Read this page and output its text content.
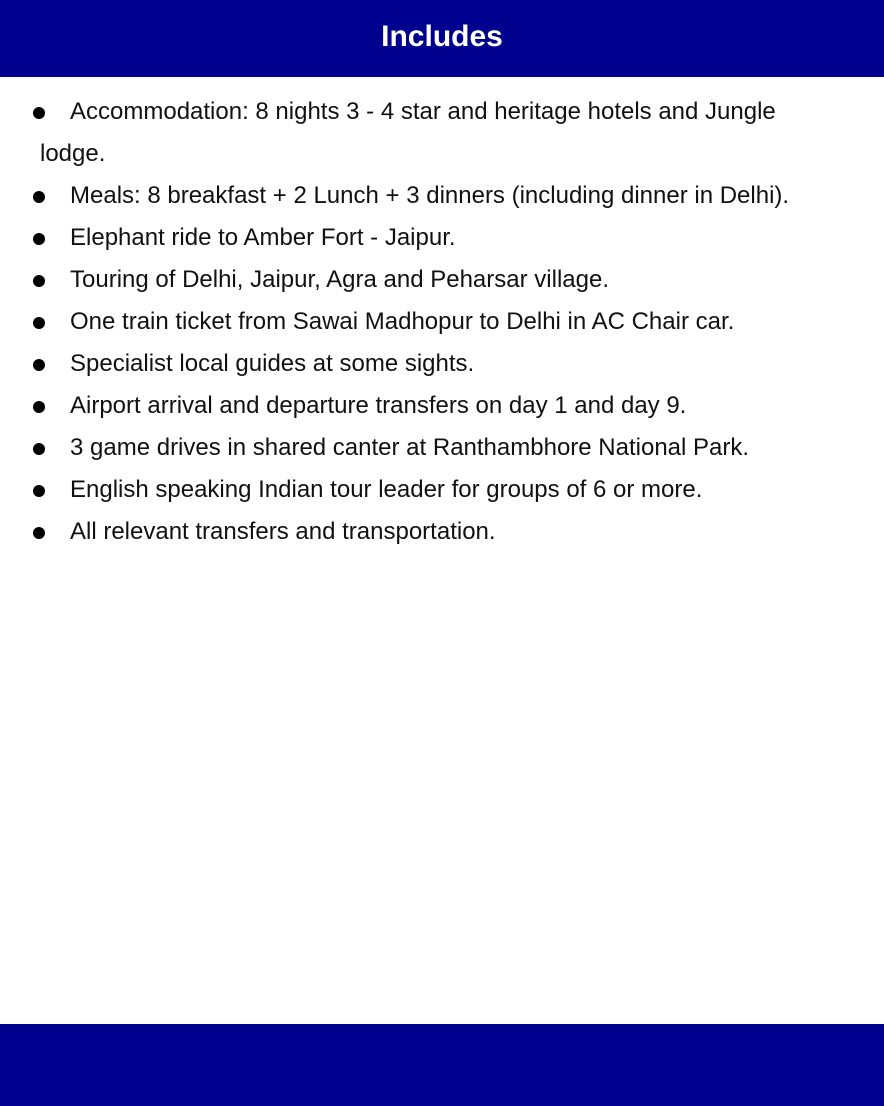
Includes
Accommodation: 8 nights 3 - 4 star and heritage hotels and Jungle
lodge.
Meals: 8 breakfast + 2 Lunch + 3 dinners (including dinner in Delhi).
Elephant ride to Amber Fort - Jaipur.
Touring of Delhi, Jaipur, Agra and Peharsar village.
One train ticket from Sawai Madhopur to Delhi in AC Chair car.
Specialist local guides at some sights.
Airport arrival and departure transfers on day 1 and day 9.
3 game drives in shared canter at Ranthambhore National Park.
English speaking Indian tour leader for groups of 6 or more.
All relevant transfers and transportation.
